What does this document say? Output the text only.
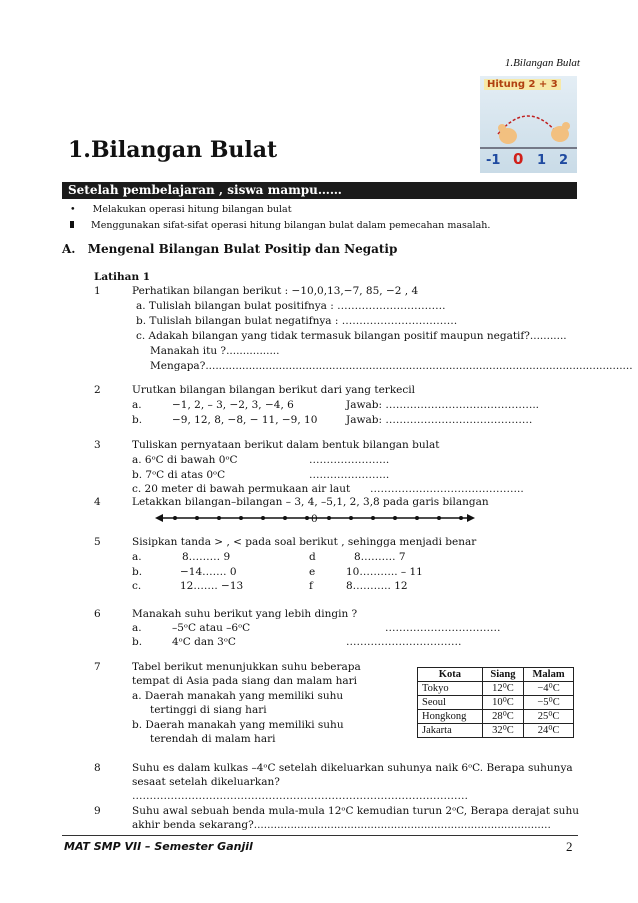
1.Bilangan Bulat
Hitung 2 + 3
-1 0 1 2
1.Bilangan Bulat
Setelah pembelajaran , siswa mampu……
• Melakukan operasi hitung bilangan bulat
Menggunakan sifat-sifat operasi hitung bilangan bulat dalam pemecahan masalah.
A. Mengenal Bilangan Bulat Positip dan Negatip
Latihan 1
1	Perhatikan bilangan berikut : −10,0,13,−7, 85, −2 , 4
a. Tulislah bilangan bulat positifnya : ………………………….
b. Tulislah bilangan bulat negatifnya : ……………………………
c. Adakah bilangan yang tidak termasuk bilangan positif maupun negatif?...........
Manakah itu ?................
Mengapa?................................................................................................................................
2	Urutkan bilangan bilangan berikut dari yang terkecil
a.	−1, 2, – 3, −2, 3, −4, 6	Jawab: ……………………………………..
b.	−9, 12, 8, −8, − 11, −9, 10	Jawab: ……………………………………
3	Tuliskan pernyataan berikut dalam bentuk bilangan bulat
a. 6ᵒC di bawah 0ᵒC	…………………..
b. 7ᵒC di atas 0ᵒC	…………………..
c. 20 meter di bawah permukaan air laut ……………………………………..
4	Letakkan bilangan–bilangan – 3, 4, –5,1, 2, 3,8 pada garis bilangan
0
5	Sisipkan tanda > , < pada soal berikut , sehingga menjadi benar
a.	8……… 9	d	8………. 7
b.	−14……. 0	e	10……….. – 11
c.	12……. −13	f	8……….. 12
6	Manakah suhu berikut yang lebih dingin ?
a.	–5ᵒC atau –6ᵒC	……………………………
b.	4ᵒC dan 3ᵒC	……………………………
7	Tabel berikut menunjukkan suhu beberapa
tempat di Asia pada siang dan malam hari
a. Daerah manakah yang memiliki suhu
tertinggi di siang hari
b. Daerah manakah yang memiliki suhu
terendah di malam hari
Kota	Siang	Malam
Tokyo	12⁰C	−4⁰C
Seoul	10⁰C	−5⁰C
Hongkong	28⁰C	25⁰C
Jakarta	32⁰C	24⁰C
8	Suhu es dalam kulkas –4ᵒC setelah dikeluarkan suhunya naik 6ᵒC. Berapa suhunya
sesaat setelah dikeluarkan?
……………………………………………………………………………………
9	Suhu awal sebuah benda mula-mula 12ᵒC kemudian turun 2ᵒC, Berapa derajat suhu
akhir benda sekarang?.........................................................................................
MAT SMP VII – Semester Ganjil	2
